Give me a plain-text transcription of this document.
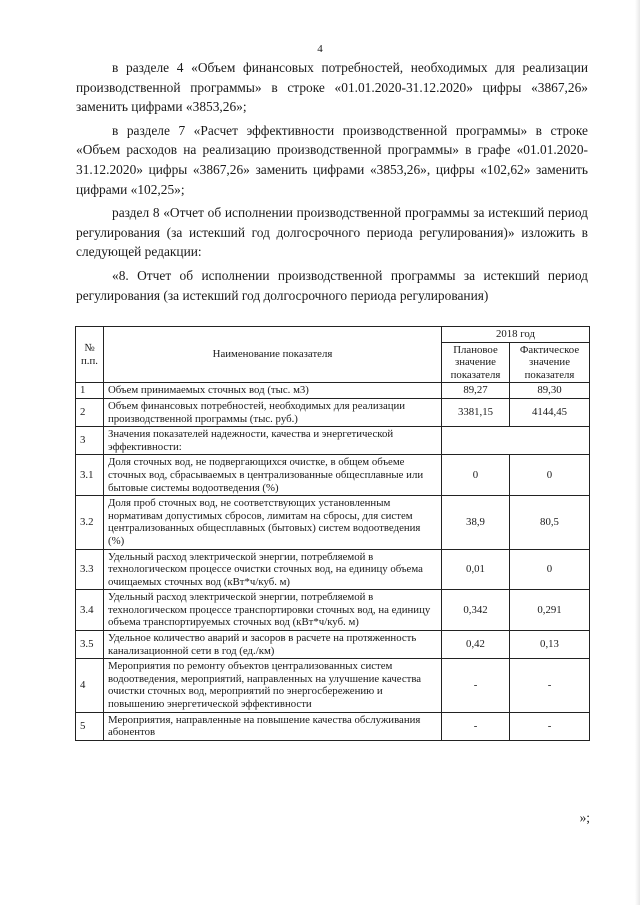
4

в разделе 4 «Объем финансовых потребностей, необходимых для реализации производственной программы» в строке «01.01.2020-31.12.2020» цифры «3867,26» заменить цифрами «3853,26»;

в разделе 7 «Расчет эффективности производственной программы» в строке «Объем расходов на реализацию производственной программы» в графе «01.01.2020-31.12.2020» цифры «3867,26» заменить цифрами «3853,26», цифры «102,62» заменить цифрами «102,25»;

раздел 8 «Отчет об исполнении производственной программы за истекший период регулирования (за истекший год долгосрочного периода регулирования)» изложить в следующей редакции:

«8. Отчет об исполнении производственной программы за истекший период регулирования (за истекший год долгосрочного периода регулирования)

№ п.п.	Наименование показателя	2018 год	
		Плановое значение показателя	Фактическое значение показателя
1	Объем принимаемых сточных вод (тыс. м3)	89,27	89,30
2	Объем финансовых потребностей, необходимых для реализации производственной программы (тыс. руб.)	3381,15	4144,45
3	Значения показателей надежности, качества и энергетической эффективности:		
3.1	Доля сточных вод, не подвергающихся очистке, в общем объеме сточных вод, сбрасываемых в централизованные общесплавные или бытовые системы водоотведения (%)	0	0
3.2	Доля проб сточных вод, не соответствующих установленным нормативам допустимых сбросов, лимитам на сбросы, для систем централизованных общесплавных (бытовых) систем водоотведения (%)	38,9	80,5
3.3	Удельный расход электрической энергии, потребляемой в технологическом процессе очистки сточных вод, на единицу объема очищаемых сточных вод (кВт*ч/куб. м)	0,01	0
3.4	Удельный расход электрической энергии, потребляемой в технологическом процессе транспортировки сточных вод, на единицу объема транспортируемых сточных вод (кВт*ч/куб. м)	0,342	0,291
3.5	Удельное количество аварий и засоров в расчете на протяженность канализационной сети в год (ед./км)	0,42	0,13
4	Мероприятия по ремонту объектов централизованных систем водоотведения, мероприятий, направленных на улучшение качества очистки сточных вод, мероприятий по энергосбережению и повышению энергетической эффективности	-	-
5	Мероприятия, направленные на повышение качества обслуживания абонентов	-	-
»;
